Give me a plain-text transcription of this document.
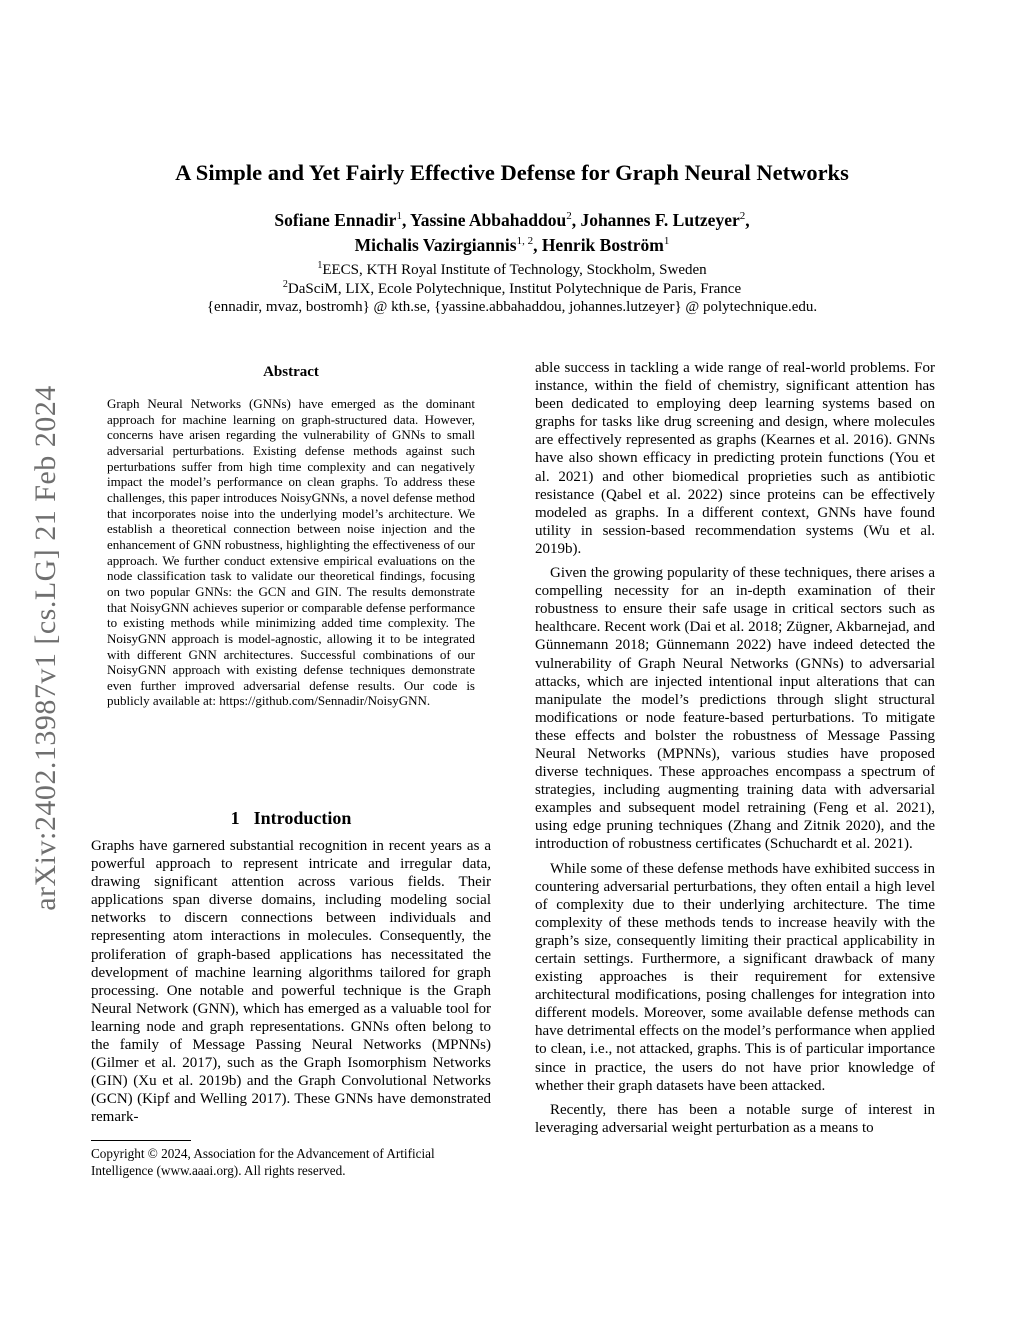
arXiv:2402.13987v1 [cs.LG] 21 Feb 2024
A Simple and Yet Fairly Effective Defense for Graph Neural Networks
Sofiane Ennadir$^1$, Yassine Abbahaddou$^2$, Johannes F. Lutzeyer$^2$,
Michalis Vazirgiannis$^{1, 2}$, Henrik Boström$^1$
$^1$EECS, KTH Royal Institute of Technology, Stockholm, Sweden
$^2$DaSciM, LIX, Ecole Polytechnique, Institut Polytechnique de Paris, France
{ennadir, mvaz, bostromh} @ kth.se, {yassine.abbahaddou, johannes.lutzeyer} @ polytechnique.edu.
Abstract

Graph Neural Networks (GNNs) have emerged as the dominant approach for machine learning on graph-structured data. However, concerns have arisen regarding the vulnerability of GNNs to small adversarial perturbations. Existing defense methods against such perturbations suffer from high time complexity and can negatively impact the model’s performance on clean graphs. To address these challenges, this paper introduces NoisyGNNs, a novel defense method that incorporates noise into the underlying model’s architecture. We establish a theoretical connection between noise injection and the enhancement of GNN robustness, highlighting the effectiveness of our approach. We further conduct extensive empirical evaluations on the node classification task to validate our theoretical findings, focusing on two popular GNNs: the GCN and GIN. The results demonstrate that NoisyGNN achieves superior or comparable defense performance to existing methods while minimizing added time complexity. The NoisyGNN approach is model-agnostic, allowing it to be integrated with different GNN architectures. Successful combinations of our NoisyGNN approach with existing defense techniques demonstrate even further improved adversarial defense results. Our code is publicly available at: https://github.com/Sennadir/NoisyGNN.

1 Introduction

Graphs have garnered substantial recognition in recent years as a powerful approach to represent intricate and irregular data, drawing significant attention across various fields. Their applications span diverse domains, including modeling social networks to discern connections between individuals and representing atom interactions in molecules. Consequently, the proliferation of graph-based applications has necessitated the development of machine learning algorithms tailored for graph processing. One notable and powerful technique is the Graph Neural Network (GNN), which has emerged as a valuable tool for learning node and graph representations. GNNs often belong to the family of Message Passing Neural Networks (MPNNs) (Gilmer et al. 2017), such as the Graph Isomorphism Networks (GIN) (Xu et al. 2019b) and the Graph Convolutional Networks (GCN) (Kipf and Welling 2017). These GNNs have demonstrated remark-

Copyright © 2024, Association for the Advancement of Artificial Intelligence (www.aaai.org). All rights reserved.

able success in tackling a wide range of real-world problems. For instance, within the field of chemistry, significant attention has been dedicated to employing deep learning systems based on graphs for tasks like drug screening and design, where molecules are effectively represented as graphs (Kearnes et al. 2016). GNNs have also shown efficacy in predicting protein functions (You et al. 2021) and other biomedical proprieties such as antibiotic resistance (Qabel et al. 2022) since proteins can be effectively modeled as graphs. In a different context, GNNs have found utility in session-based recommendation systems (Wu et al. 2019b).

Given the growing popularity of these techniques, there arises a compelling necessity for an in-depth examination of their robustness to ensure their safe usage in critical sectors such as healthcare. Recent work (Dai et al. 2018; Zügner, Akbarnejad, and Günnemann 2018; Günnemann 2022) have indeed detected the vulnerability of Graph Neural Networks (GNNs) to adversarial attacks, which are injected intentional input alterations that can manipulate the model’s predictions through slight structural modifications or node feature-based perturbations. To mitigate these effects and bolster the robustness of Message Passing Neural Networks (MPNNs), various studies have proposed diverse techniques. These approaches encompass a spectrum of strategies, including augmenting training data with adversarial examples and subsequent model retraining (Feng et al. 2021), using edge pruning techniques (Zhang and Zitnik 2020), and the introduction of robustness certificates (Schuchardt et al. 2021).

While some of these defense methods have exhibited success in countering adversarial perturbations, they often entail a high level of complexity due to their underlying architecture. The time complexity of these methods tends to increase heavily with the graph’s size, consequently limiting their practical applicability in certain settings. Furthermore, a significant drawback of many existing approaches is their requirement for extensive architectural modifications, posing challenges for integration into different models. Moreover, some available defense methods can have detrimental effects on the model’s performance when applied to clean, i.e., not attacked, graphs. This is of particular importance since in practice, the users do not have prior knowledge of whether their graph datasets have been attacked.

Recently, there has been a notable surge of interest in leveraging adversarial weight perturbation as a means to
